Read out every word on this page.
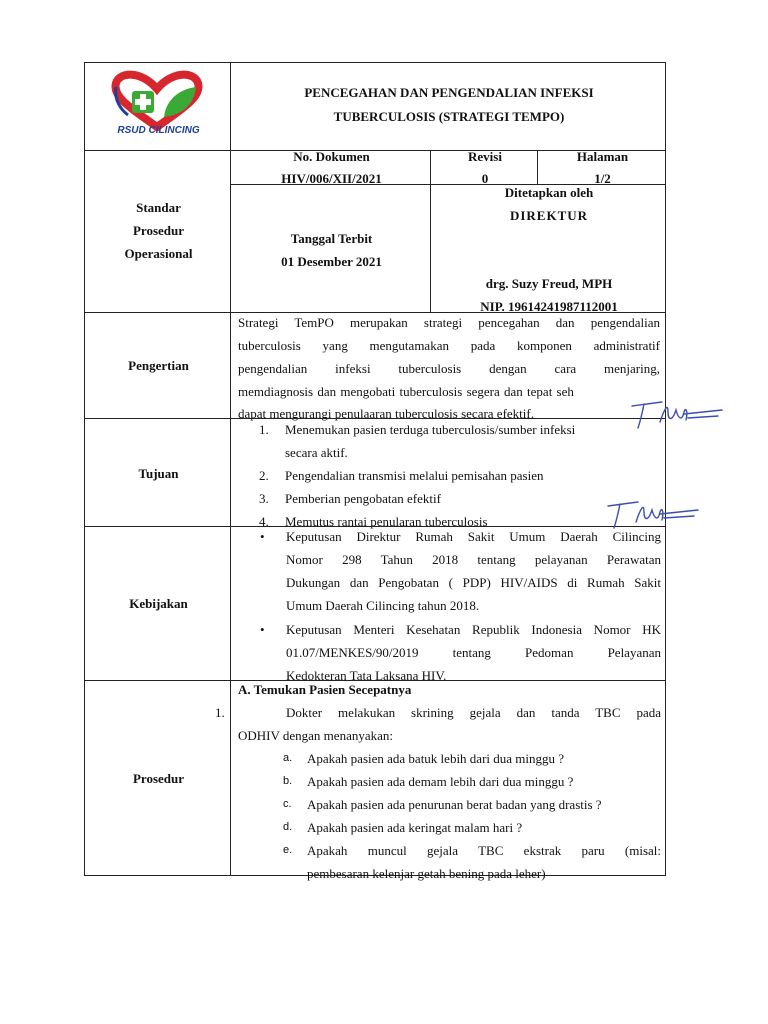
RSUD CILINCING
PENCEGAHAN DAN PENGENDALIAN INFEKSI
TUBERCULOSIS (STRATEGI TEMPO)
Standar
Prosedur
Operasional
No. Dokumen
HIV/006/XII/2021
Revisi
0
Halaman
1/2
Tanggal Terbit
01 Desember 2021
Ditetapkan oleh
DIREKTUR
drg. Suzy Freud, MPH
NIP. 19614241987112001
Pengertian
Strategi TemPO merupakan strategi pencegahan dan pengendalian
tuberculosis yang mengutamakan pada komponen administratif
pengendalian infeksi tuberculosis dengan cara menjaring,
memdiagnosis dan mengobati tuberculosis segera dan tepat seh
dapat mengurangi penulaaran tuberculosis secara efektif.
Tujuan
1. Menemukan pasien terduga tuberculosis/sumber infeksi
secara aktif.
2. Pengendalian transmisi melalui pemisahan pasien
3. Pemberian pengobatan efektif
4. Memutus rantai penularan tuberculosis
Kebijakan
• Keputusan Direktur Rumah Sakit Umum Daerah Cilincing
Nomor 298 Tahun 2018 tentang pelayanan Perawatan
Dukungan dan Pengobatan ( PDP) HIV/AIDS di Rumah Sakit
Umum Daerah Cilincing tahun 2018.
• Keputusan Menteri Kesehatan Republik Indonesia Nomor HK
01.07/MENKES/90/2019 tentang Pedoman Pelayanan
Kedokteran Tata Laksana HIV.
Prosedur
1.
A. Temukan Pasien Secepatnya
Dokter melakukan skrining gejala dan tanda TBC pada
ODHIV dengan menanyakan:
a. Apakah pasien ada batuk lebih dari dua minggu ?
b. Apakah pasien ada demam lebih dari dua minggu ?
c. Apakah pasien ada penurunan berat badan yang drastis ?
d. Apakah pasien ada keringat malam hari ?
e. Apakah muncul gejala TBC ekstrak paru (misal:
pembesaran kelenjar getah bening pada leher)
